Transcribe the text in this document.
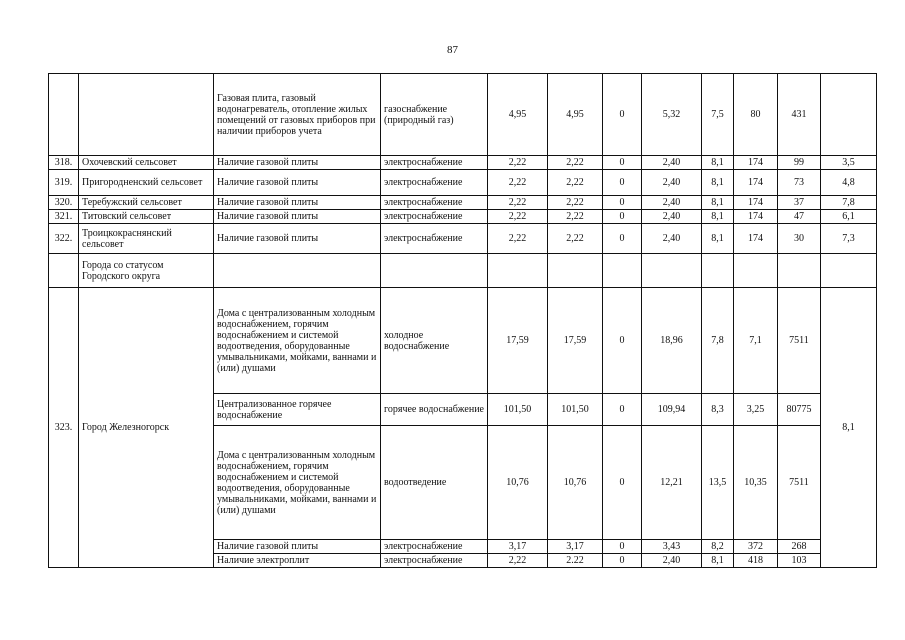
87
		Газовая плита, газовый водонагреватель, отопление жилых помещений от газовых приборов при наличии приборов учета	газоснабжение (природный газ)	4,95	4,95	0	5,32	7,5	80	431	
318.	Охочевский сельсовет	Наличие газовой плиты	электроснабжение	2,22	2,22	0	2,40	8,1	174	99	3,5
319.	Пригородненский сельсовет	Наличие газовой плиты	электроснабжение	2,22	2,22	0	2,40	8,1	174	73	4,8
320.	Теребужский сельсовет	Наличие газовой плиты	электроснабжение	2,22	2,22	0	2,40	8,1	174	37	7,8
321.	Титовский сельсовет	Наличие газовой плиты	электроснабжение	2,22	2,22	0	2,40	8,1	174	47	6,1
322.	Троицкокраснянский сельсовет	Наличие газовой плиты	электроснабжение	2,22	2,22	0	2,40	8,1	174	30	7,3
	Города со статусом Городского округа										
323.	Город Железногорск	Дома с централизованным холодным водоснабжением, горячим водоснабжением и системой водоотведения, оборудованные умывальниками, мойками, ваннами и (или) душами	холодное водоснабжение	17,59	17,59	0	18,96	7,8	7,1	7511	8,1
		Централизованное горячее водоснабжение	горячее водоснабжение	101,50	101,50	0	109,94	8,3	3,25	80775	
		Дома с централизованным холодным водоснабжением, горячим водоснабжением и системой водоотведения, оборудованные умывальниками, мойками, ваннами и (или) душами	водоотведение	10,76	10,76	0	12,21	13,5	10,35	7511	
		Наличие газовой плиты	электроснабжение	3,17	3,17	0	3,43	8,2	372	268	
		Наличие электроплит	электроснабжение	2,22	2.22	0	2,40	8,1	418	103	
